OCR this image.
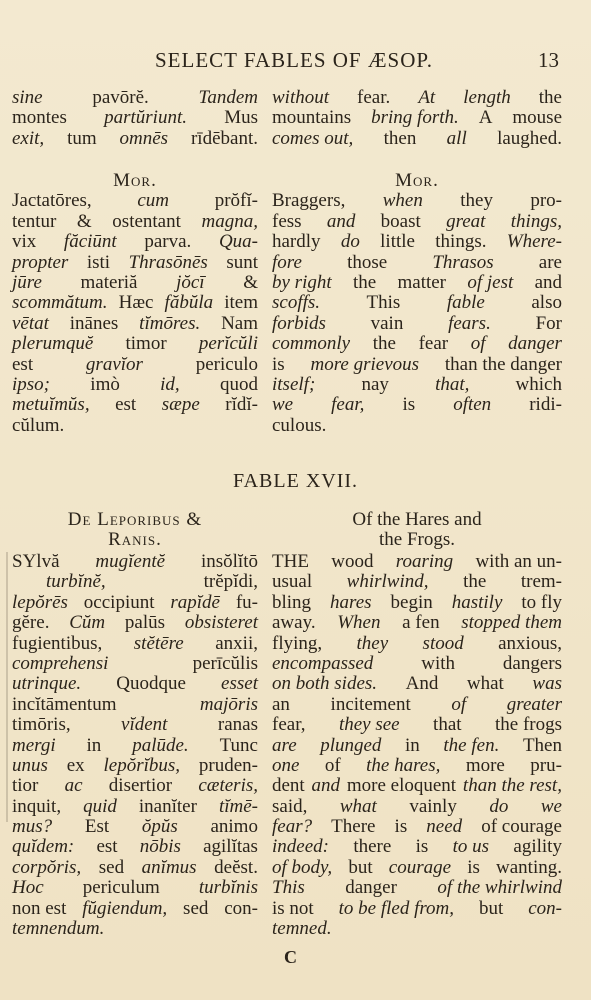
SELECT FABLES OF ÆSOP.	13
sine	pavōrĕ.	Tandem
montes partŭriunt. Mus
exit, tum omnēs rīdēbant.
without fear. At length the
mountains bring forth. A mouse
comes out, then all laughed.
Mor.
Jactatōres, cum prŏfĭ-
tentur & ostentant magna,
vix făciūnt parva. Qua-
propter isti Thrasōnēs sunt
jūre materiă jŏcī &
scommătum. Hæc făbŭla item
vētat inānes tĭmōres. Nam
plerumquĕ timor perĭcŭli
est	gravĭor	periculo
ipso; imò id, quod
metuĭmŭs, est sæpe rĭdĭ-
cŭlum.
Mor.
Braggers, when they pro-
fess and boast great things,
hardly do little things. Where-
fore those Thrasos are
by right the matter of jest and
scoffs. This fable also
forbids vain fears. For
commonly the fear of danger
is more grievous than the danger
itself; nay that, which
we fear, is often ridi-
culous.
FABLE XVII.
De Leporibus &
Ranis.
Of the Hares and
the Frogs.
SYlvă mugĭentĕ insŏlĭtō
turbĭnĕ,	trĕpĭdi,
lepŏrēs occipiunt rapĭdē fu-
gĕre. Cŭm palūs obsisteret
fugientibus, stĕtēre anxii,
comprehensi	perīcŭlis
utrinque. Quodque esset
incĭtāmentum	majōris
timōris,	vĭdent	ranas
mergi in palūde. Tunc
unus ex lepŏrĭbus, pruden-
tior ac disertior cæteris,
inquit, quid inanĭter tĭmē-
mus? Est ŏpŭs animo
quĭdem: est nōbis agilĭtas
corpŏris, sed anĭmus deĕst.
Hoc periculum turbĭnis
non est fŭgiendum, sed con-
temnendum.
THE wood roaring with an un-
usual whirlwind, the trem-
bling hares begin hastily to fly
away. When a fen stopped them
flying, they stood anxious,
encompassed	with	dangers
on both sides. And what was
an incitement of greater
fear, they see that the frogs
are plunged in the fen. Then
one of the hares, more pru-
dent and more eloquent than the rest,
said, what vainly do we
fear? There is need of courage
indeed: there is to us agility
of body, but courage is wanting.
This danger of the whirlwind
is not to be fled from, but con-
temned.
C
